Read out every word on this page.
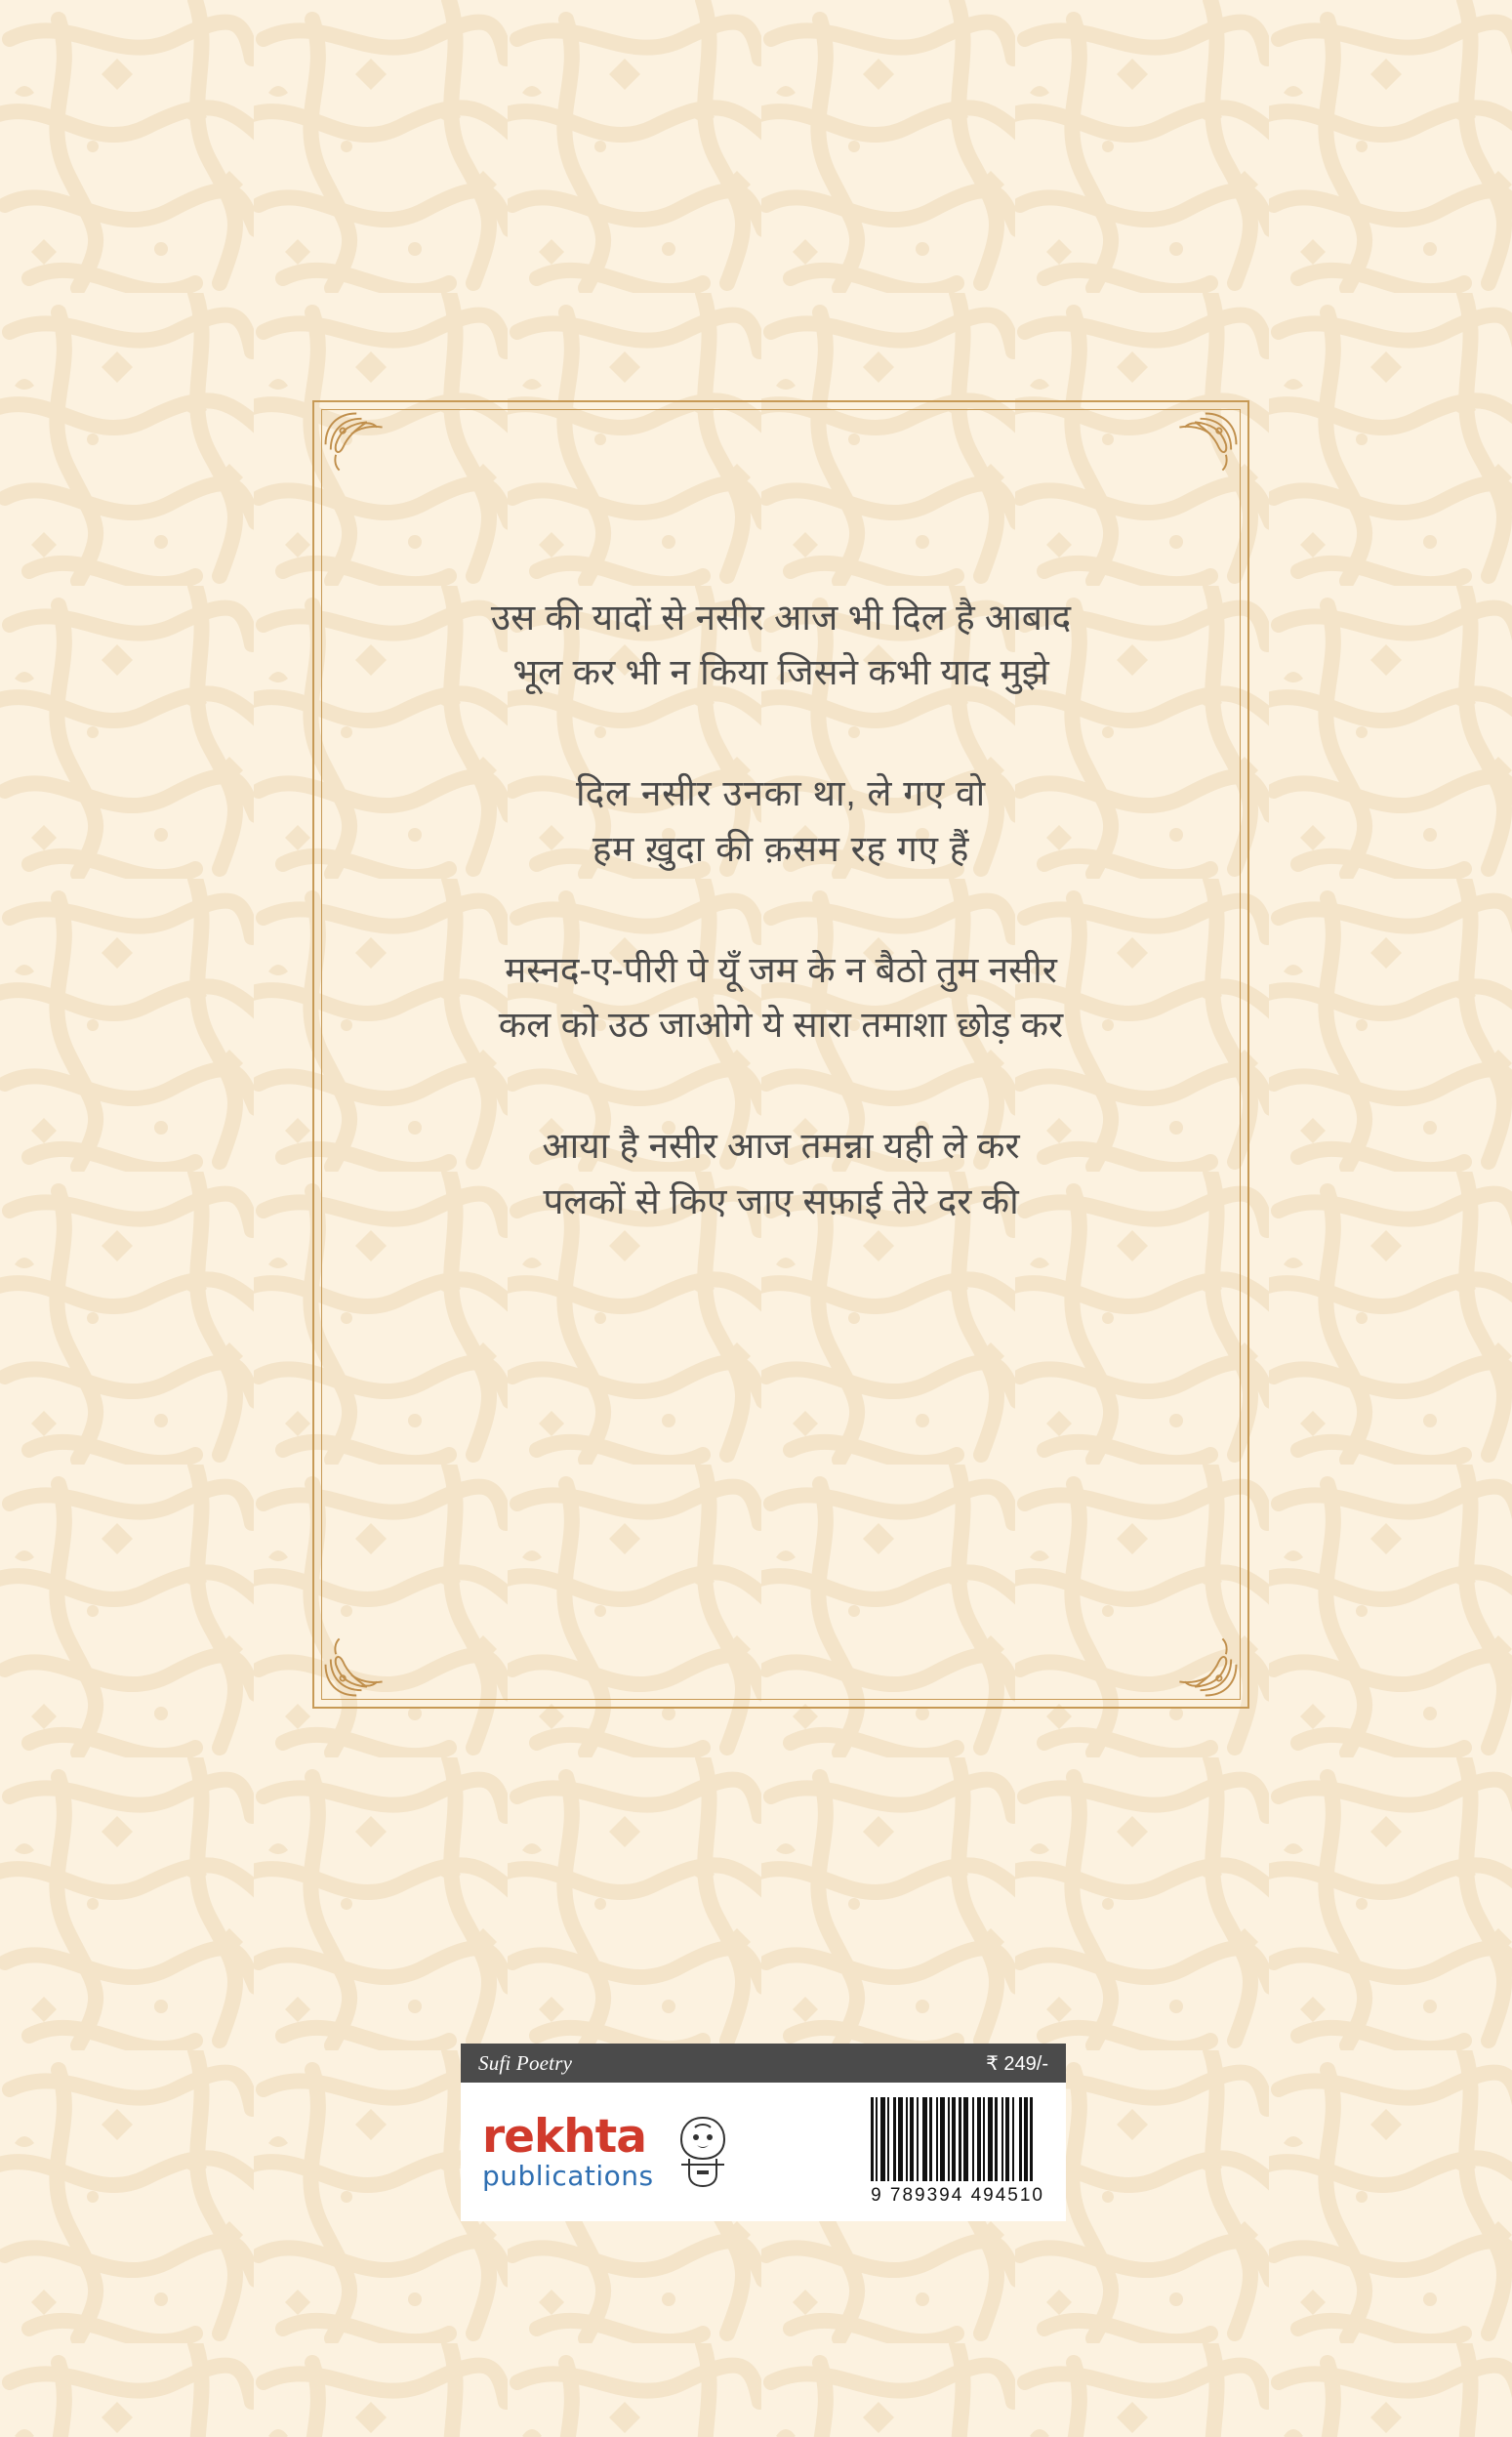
उस की यादों से नसीर आज भी दिल है आबाद
भूल कर भी न किया जिसने कभी याद मुझे
दिल नसीर उनका था, ले गए वो
हम ख़ुदा की क़सम रह गए हैं
मस्नद-ए-पीरी पे यूँ जम के न बैठो तुम नसीर
कल को उठ जाओगे ये सारा तमाशा छोड़ कर
आया है नसीर आज तमन्ना यही ले कर
पलकों से किए जाए सफ़ाई तेरे दर की
Sufi Poetry	₹ 249/-
rekhta
publications
9 789394 494510
